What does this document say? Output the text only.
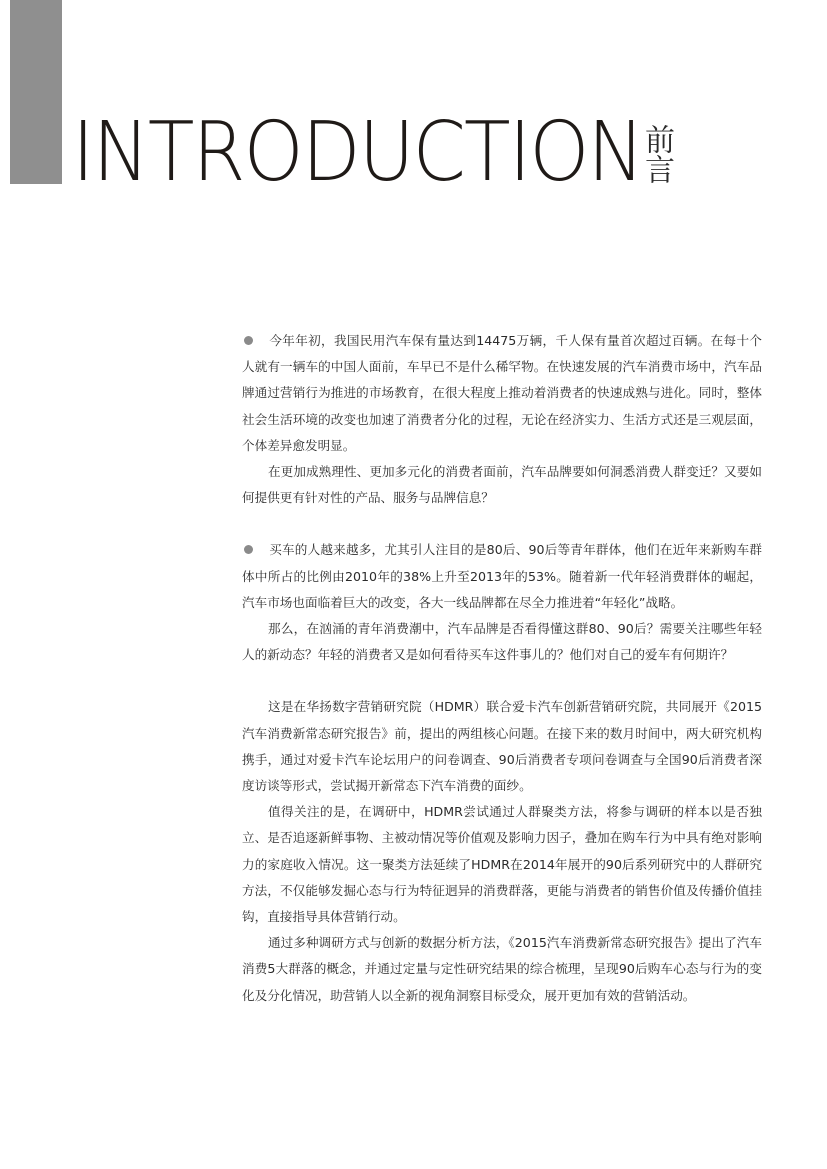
INTRODUCTION
前言

今年年初，我国民用汽车保有量达到14475万辆，千人保有量首次超过百辆。在每十个人就有一辆车的中国人面前，车早已不是什么稀罕物。在快速发展的汽车消费市场中，汽车品牌通过营销行为推进的市场教育，在很大程度上推动着消费者的快速成熟与进化。同时，整体社会生活环境的改变也加速了消费者分化的过程，无论在经济实力、生活方式还是三观层面，个体差异愈发明显。

在更加成熟理性、更加多元化的消费者面前，汽车品牌要如何洞悉消费人群变迁？又要如何提供更有针对性的产品、服务与品牌信息？

买车的人越来越多，尤其引人注目的是80后、90后等青年群体，他们在近年来新购车群体中所占的比例由2010年的38%上升至2013年的53%。随着新一代年轻消费群体的崛起，汽车市场也面临着巨大的改变，各大一线品牌都在尽全力推进着“年轻化”战略。

那么，在汹涌的青年消费潮中，汽车品牌是否看得懂这群80、90后？需要关注哪些年轻人的新动态？年轻的消费者又是如何看待买车这件事儿的？他们对自己的爱车有何期许？

这是在华扬数字营销研究院（HDMR）联合爱卡汽车创新营销研究院，共同展开《2015汽车消费新常态研究报告》前，提出的两组核心问题。在接下来的数月时间中，两大研究机构携手，通过对爱卡汽车论坛用户的问卷调查、90后消费者专项问卷调查与全国90后消费者深度访谈等形式，尝试揭开新常态下汽车消费的面纱。

值得关注的是，在调研中，HDMR尝试通过人群聚类方法，将参与调研的样本以是否独立、是否追逐新鲜事物、主被动情况等价值观及影响力因子，叠加在购车行为中具有绝对影响力的家庭收入情况。这一聚类方法延续了HDMR在2014年展开的90后系列研究中的人群研究方法，不仅能够发掘心态与行为特征迥异的消费群落，更能与消费者的销售价值及传播价值挂钩，直接指导具体营销行动。

通过多种调研方式与创新的数据分析方法，《2015汽车消费新常态研究报告》提出了汽车消费5大群落的概念，并通过定量与定性研究结果的综合梳理，呈现90后购车心态与行为的变化及分化情况，助营销人以全新的视角洞察目标受众，展开更加有效的营销活动。
